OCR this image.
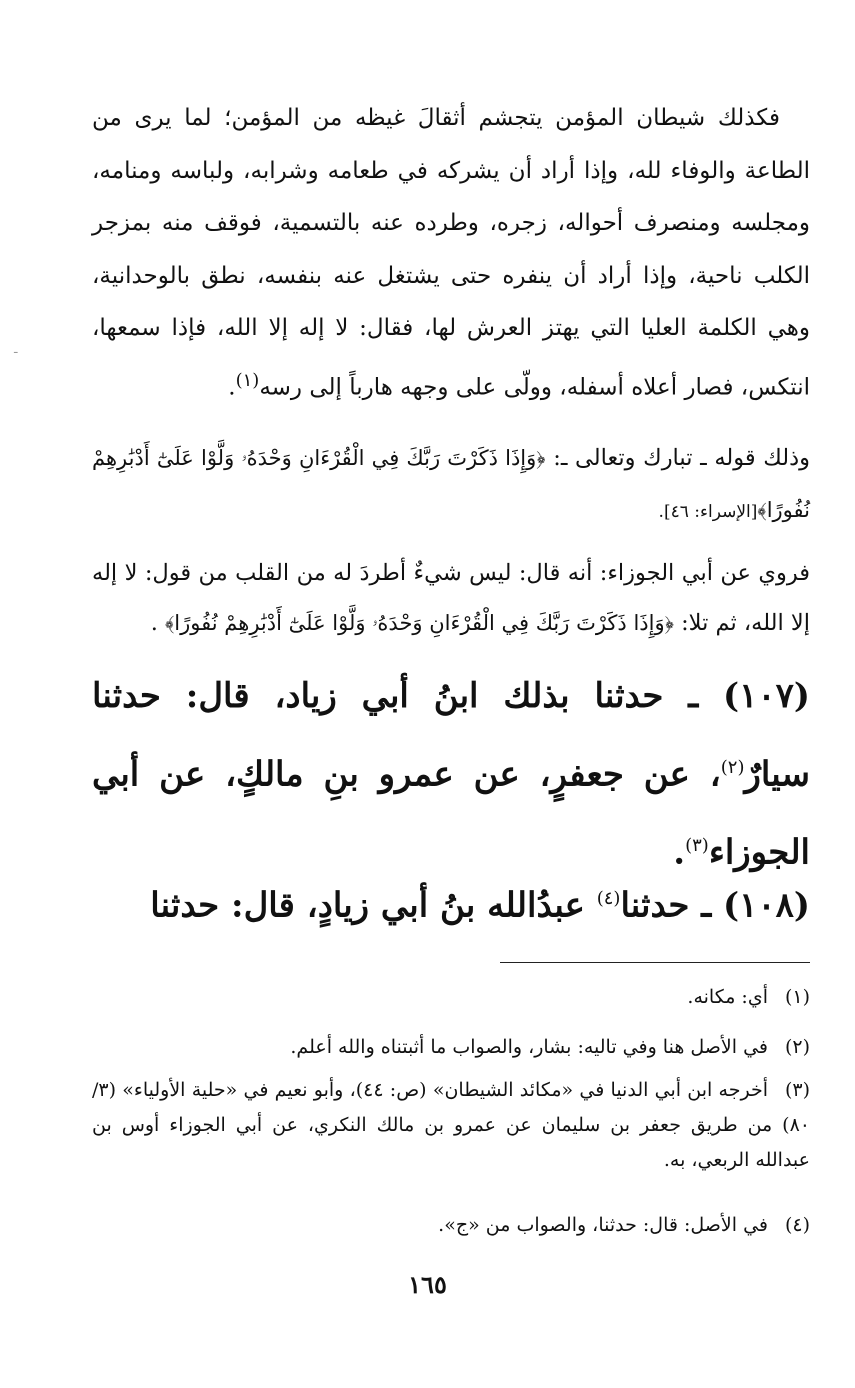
فكذلك شيطان المؤمن يتجشم أثقالَ غيظه من المؤمن؛ لما يرى من الطاعة والوفاء لله، وإذا أراد أن يشركه في طعامه وشرابه، ولباسه ومنامه، ومجلسه ومنصرف أحواله، زجره، وطرده عنه بالتسمية، فوقف منه بمزجر الكلب ناحية، وإذا أراد أن ينفره حتى يشتغل عنه بنفسه، نطق بالوحدانية، وهي الكلمة العليا التي يهتز العرش لها، فقال: لا إله إلا الله، فإذا سمعها، انتكس، فصار أعلاه أسفله، وولّى على وجهه هارباً إلى رسه$^{(١)}$.

وذلك قوله ـ تبارك وتعالى ـ: ﴿وَإِذَا ذَكَرْتَ رَبَّكَ فِي الْقُرْءَانِ وَحْدَهُۥ وَلَّوْا عَلَىٰٓ أَدْبَٰرِهِمْ نُفُورًا﴾[الإسراء: ٤٦].

فروي عن أبي الجوزاء: أنه قال: ليس شيءٌ أطردَ له من القلب من قول: لا إله إلا الله، ثم تلا: ﴿وَإِذَا ذَكَرْتَ رَبَّكَ فِي الْقُرْءَانِ وَحْدَهُۥ وَلَّوْا عَلَىٰٓ أَدْبَٰرِهِمْ نُفُورًا﴾ .

(١٠٧) ـ حدثنا بذلك ابنُ أبي زياد، قال: حدثنا سيارٌ$^{(٢)}$، عن جعفرٍ، عن عمرو بنِ مالكٍ، عن أبي الجوزاء$^{(٣)}$.

(١٠٨) ـ حدثنا$^{(٤)}$ عبدُالله بنُ أبي زيادٍ، قال: حدثنا

(١)أي: مكانه.

(٢)في الأصل هنا وفي تاليه: بشار، والصواب ما أثبتناه والله أعلم.

(٣)أخرجه ابن أبي الدنيا في «مكائد الشيطان» (ص: ٤٤)، وأبو نعيم في «حلية الأولياء» (٣/ ٨٠) من طريق جعفر بن سليمان عن عمرو بن مالك النكري، عن أبي الجوزاء أوس بن عبدالله الربعي، به.

(٤)في الأصل: قال: حدثنا، والصواب من «ج».

١٦٥
ـ
